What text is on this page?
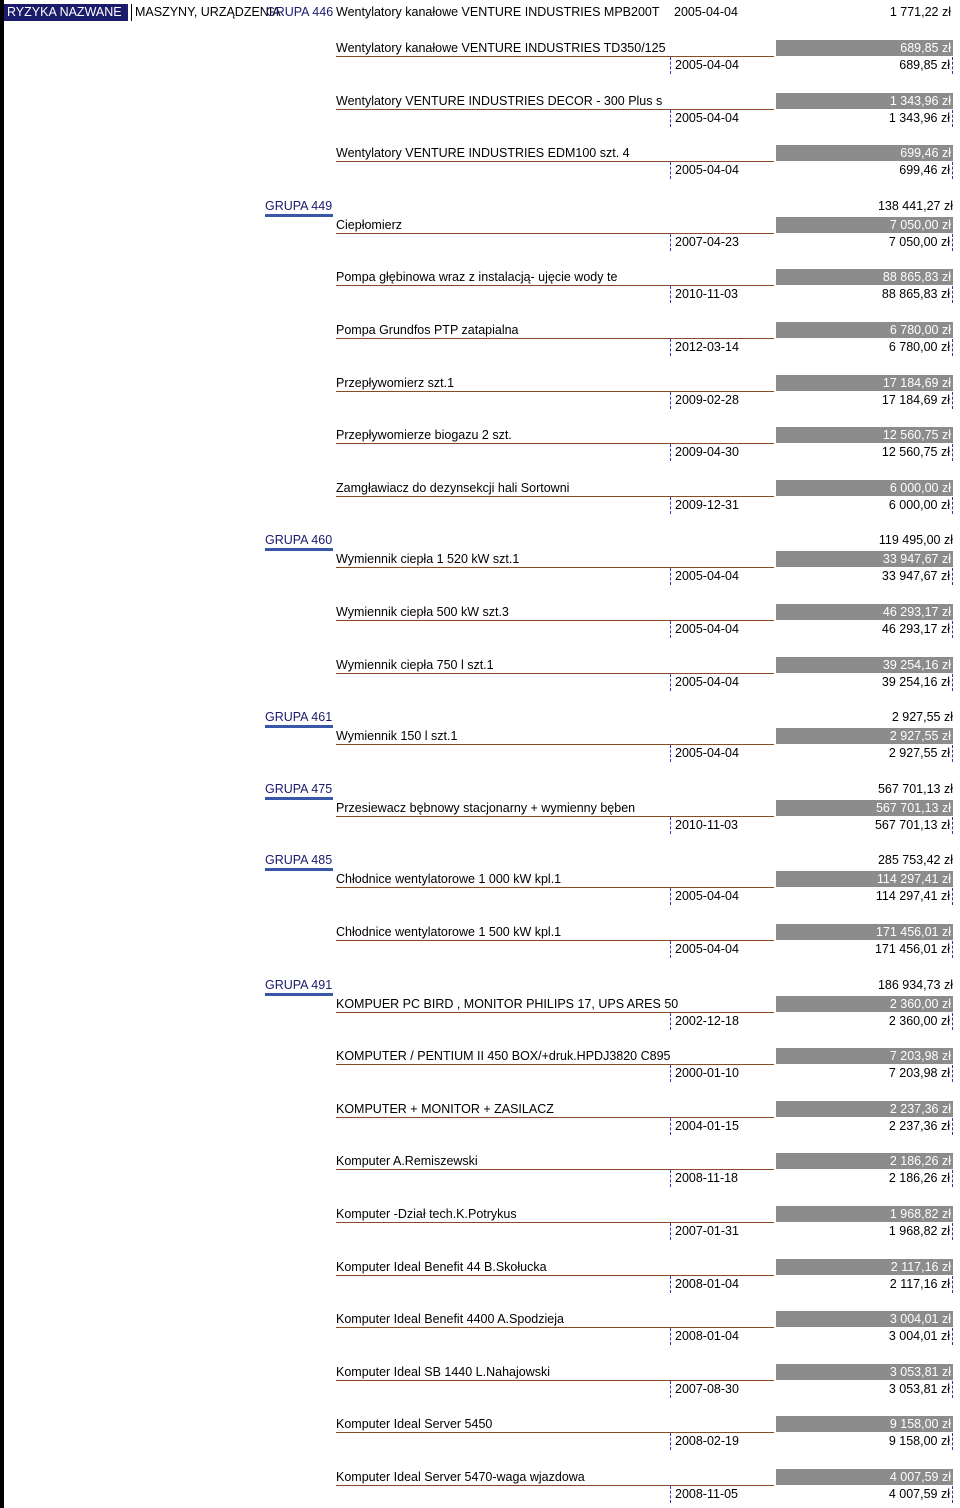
RYZYKA NAZWANE	MASZYNY, URZĄDZENIA
GRUPA 446 Wentylatory kanałowe VENTURE INDUSTRIES MPB200T	2005-04-04	1 771,22 zł
Wentylatory kanałowe VENTURE INDUSTRIES TD350/125	689,85 zł
2005-04-04	689,85 zł
Wentylatory VENTURE INDUSTRIES DECOR - 300 Plus s	1 343,96 zł
2005-04-04	1 343,96 zł
Wentylatory VENTURE INDUSTRIES EDM100 szt. 4	699,46 zł
2005-04-04	699,46 zł
GRUPA 449	138 441,27 zł
Ciepłomierz	7 050,00 zł
2007-04-23	7 050,00 zł
Pompa głębinowa wraz z instalacją- ujęcie wody te	88 865,83 zł
2010-11-03	88 865,83 zł
Pompa Grundfos PTP zatapialna	6 780,00 zł
2012-03-14	6 780,00 zł
Przepływomierz szt.1	17 184,69 zł
2009-02-28	17 184,69 zł
Przepływomierze biogazu 2 szt.	12 560,75 zł
2009-04-30	12 560,75 zł
Zamgławiacz do dezynsekcji hali Sortowni	6 000,00 zł
2009-12-31	6 000,00 zł
GRUPA 460	119 495,00 zł
Wymiennik ciepła 1 520 kW szt.1	33 947,67 zł
2005-04-04	33 947,67 zł
Wymiennik ciepła 500 kW szt.3	46 293,17 zł
2005-04-04	46 293,17 zł
Wymiennik ciepła 750 l szt.1	39 254,16 zł
2005-04-04	39 254,16 zł
GRUPA 461	2 927,55 zł
Wymiennik 150 l szt.1	2 927,55 zł
2005-04-04	2 927,55 zł
GRUPA 475	567 701,13 zł
Przesiewacz bębnowy stacjonarny + wymienny bęben	567 701,13 zł
2010-11-03	567 701,13 zł
GRUPA 485	285 753,42 zł
Chłodnice wentylatorowe 1 000 kW kpl.1	114 297,41 zł
2005-04-04	114 297,41 zł
Chłodnice wentylatorowe 1 500 kW kpl.1	171 456,01 zł
2005-04-04	171 456,01 zł
GRUPA 491	186 934,73 zł
KOMPUER PC BIRD , MONITOR PHILIPS 17, UPS ARES 50	2 360,00 zł
2002-12-18	2 360,00 zł
KOMPUTER / PENTIUM II 450 BOX/+druk.HPDJ3820 C895	7 203,98 zł
2000-01-10	7 203,98 zł
KOMPUTER + MONITOR + ZASILACZ	2 237,36 zł
2004-01-15	2 237,36 zł
Komputer A.Remiszewski	2 186,26 zł
2008-11-18	2 186,26 zł
Komputer -Dział tech.K.Potrykus	1 968,82 zł
2007-01-31	1 968,82 zł
Komputer Ideal Benefit 44 B.Skołucka	2 117,16 zł
2008-01-04	2 117,16 zł
Komputer Ideal Benefit 4400 A.Spodzieja	3 004,01 zł
2008-01-04	3 004,01 zł
Komputer Ideal SB 1440 L.Nahajowski	3 053,81 zł
2007-08-30	3 053,81 zł
Komputer Ideal Server 5450	9 158,00 zł
2008-02-19	9 158,00 zł
Komputer Ideal Server 5470-waga wjazdowa	4 007,59 zł
2008-11-05	4 007,59 zł
